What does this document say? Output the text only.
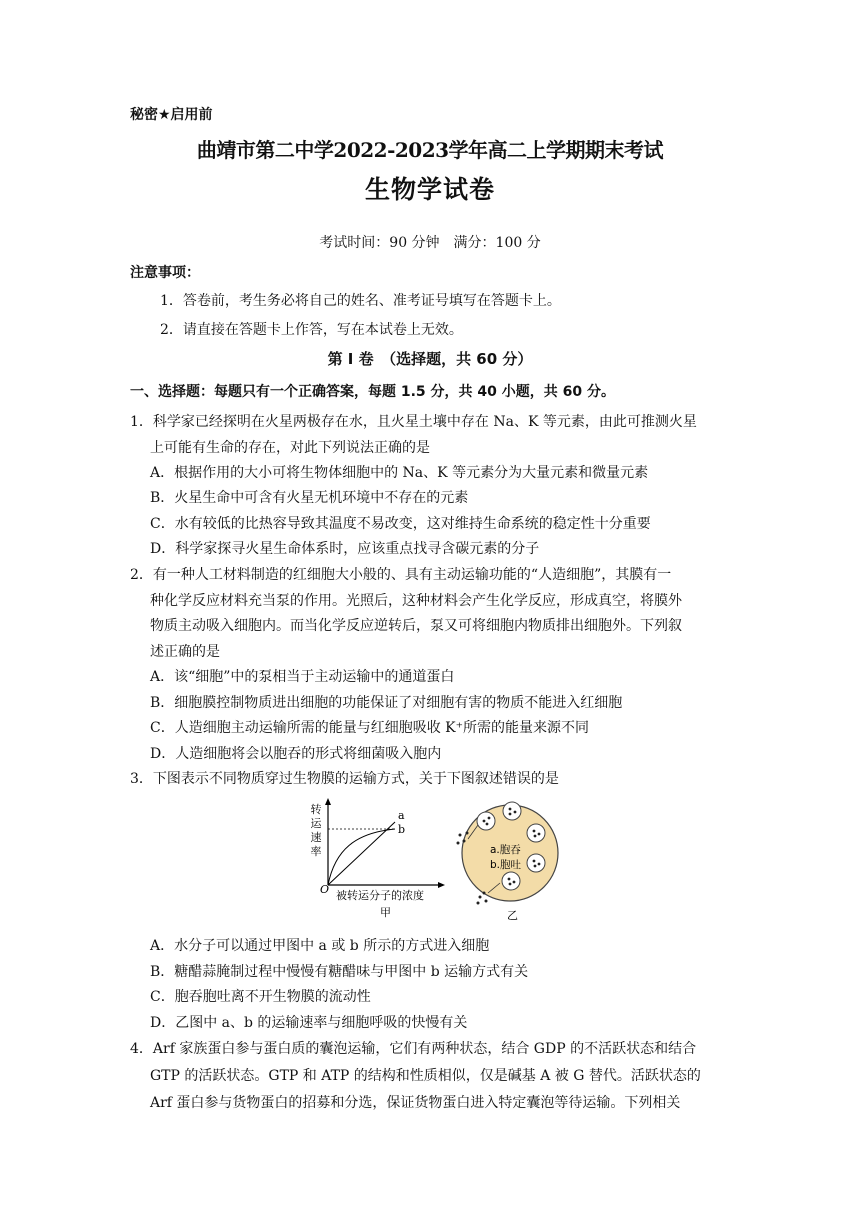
秘密★启用前
曲靖市第二中学2022-2023学年高二上学期期末考试
生物学试卷
考试时间：90 分钟　满分：100 分
注意事项：
1．答卷前，考生务必将自己的姓名、准考证号填写在答题卡上。
2．请直接在答题卡上作答，写在本试卷上无效。
第 I 卷　（选择题，共 60 分）
一、选择题：每题只有一个正确答案，每题 1.5 分，共 40 小题，共 60 分。
1．科学家已经探明在火星两极存在水，且火星土壤中存在 Na、K 等元素，由此可推测火星
上可能有生命的存在，对此下列说法正确的是
A．根据作用的大小可将生物体细胞中的 Na、K 等元素分为大量元素和微量元素
B．火星生命中可含有火星无机环境中不存在的元素
C．水有较低的比热容导致其温度不易改变，这对维持生命系统的稳定性十分重要
D．科学家探寻火星生命体系时，应该重点找寻含碳元素的分子
2．有一种人工材料制造的红细胞大小般的、具有主动运输功能的“人造细胞”，其膜有一
种化学反应材料充当泵的作用。光照后，这种材料会产生化学反应，形成真空，将膜外
物质主动吸入细胞内。而当化学反应逆转后，泵又可将细胞内物质排出细胞外。下列叙
述正确的是
A．该“细胞”中的泵相当于主动运输中的通道蛋白
B．细胞膜控制物质进出细胞的功能保证了对细胞有害的物质不能进入红细胞
C．人造细胞主动运输所需的能量与红细胞吸收 K⁺所需的能量来源不同
D．人造细胞将会以胞吞的形式将细菌吸入胞内
3．下图表示不同物质穿过生物膜的运输方式，关于下图叙述错误的是
转
运
速
率
O
a
b
被转运分子的浓度
甲
a.胞吞
b.胞吐
乙
A．水分子可以通过甲图中 a 或 b 所示的方式进入细胞
B．糖醋蒜腌制过程中慢慢有糖醋味与甲图中 b 运输方式有关
C．胞吞胞吐离不开生物膜的流动性
D．乙图中 a、b 的运输速率与细胞呼吸的快慢有关
4．Arf 家族蛋白参与蛋白质的囊泡运输，它们有两种状态，结合 GDP 的不活跃状态和结合
GTP 的活跃状态。GTP 和 ATP 的结构和性质相似，仅是碱基 A 被 G 替代。活跃状态的
Arf 蛋白参与货物蛋白的招募和分选，保证货物蛋白进入特定囊泡等待运输。下列相关
